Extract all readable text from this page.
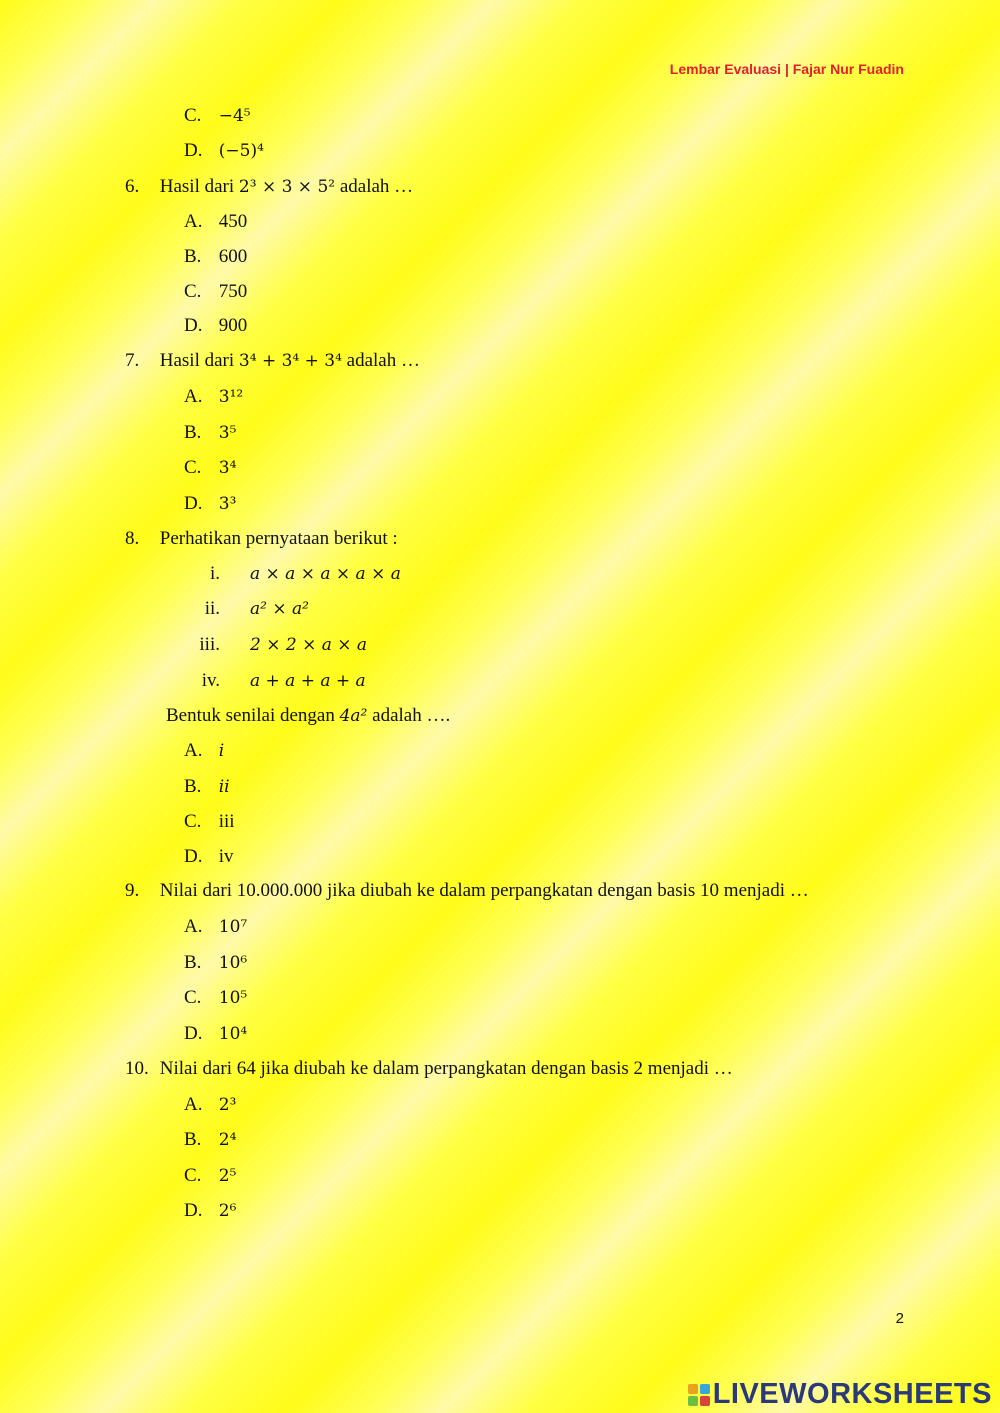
Lembar Evaluasi | Fajar Nur Fuadin
C. −4⁵
D. (−5)⁴
6. Hasil dari 2³ × 3 × 5² adalah …
A. 450
B. 600
C. 750
D. 900
7. Hasil dari 3⁴ + 3⁴ + 3⁴ adalah …
A. 3¹²
B. 3⁵
C. 3⁴
D. 3³
8. Perhatikan pernyataan berikut :
i. a × a × a × a × a
ii. a² × a²
iii. 2 × 2 × a × a
iv. a + a + a + a
Bentuk senilai dengan 4a² adalah ….
A. i
B. ii
C. iii
D. iv
9. Nilai dari 10.000.000 jika diubah ke dalam perpangkatan dengan basis 10 menjadi …
A. 10⁷
B. 10⁶
C. 10⁵
D. 10⁴
10. Nilai dari 64 jika diubah ke dalam perpangkatan dengan basis 2 menjadi …
A. 2³
B. 2⁴
C. 2⁵
D. 2⁶
2
LIVEWORKSHEETS
